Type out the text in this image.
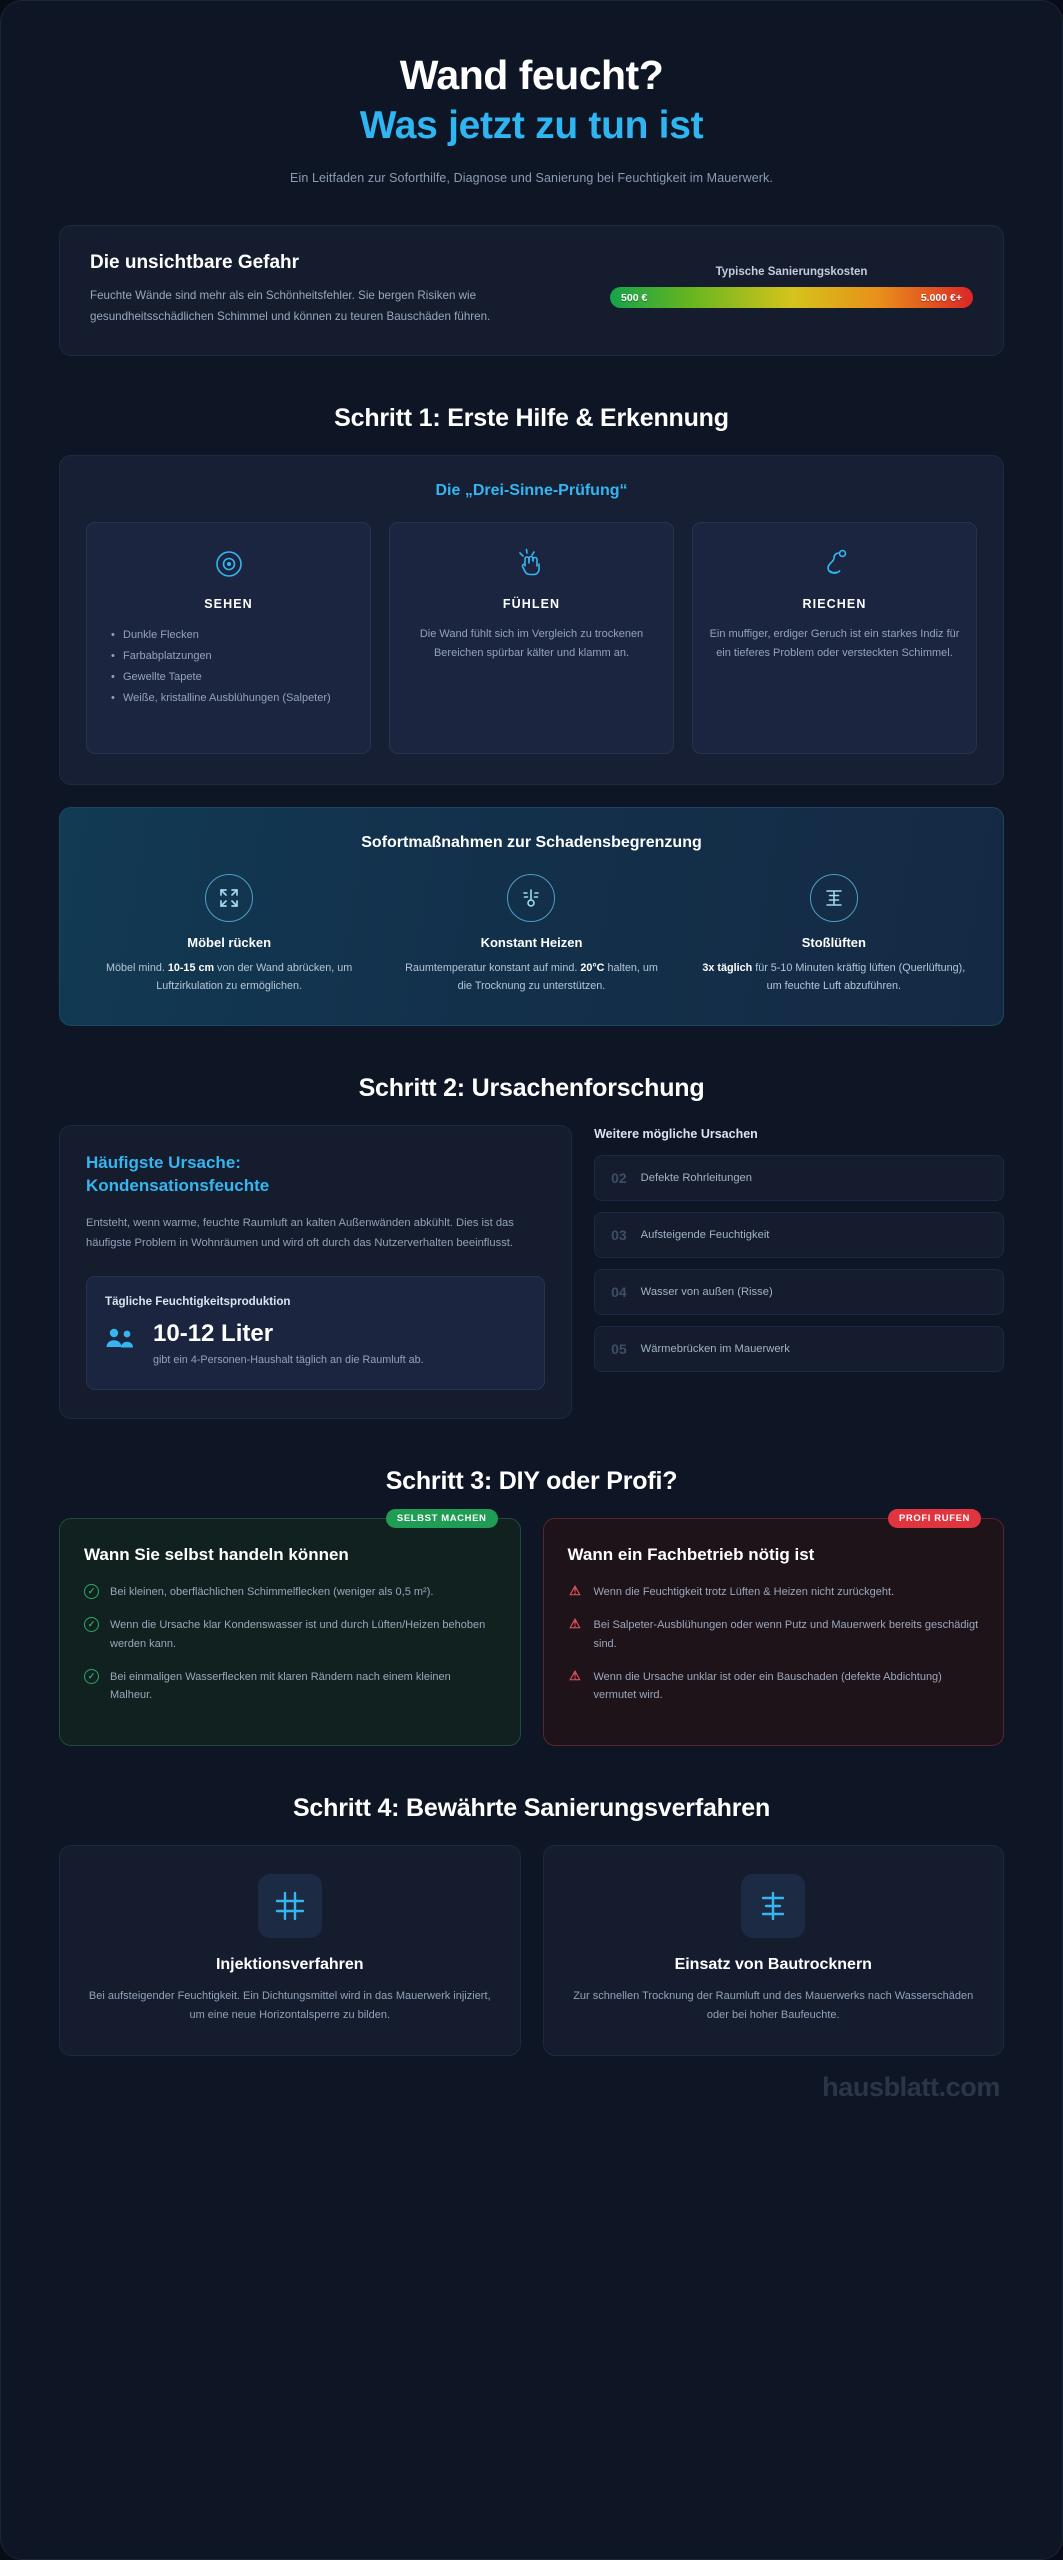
Wand feucht?
Was jetzt zu tun ist

Ein Leitfaden zur Soforthilfe, Diagnose und Sanierung bei Feuchtigkeit im Mauerwerk.

Die unsichtbare Gefahr

Feuchte Wände sind mehr als ein Schönheitsfehler. Sie bergen Risiken wie gesundheitsschädlichen Schimmel und können zu teuren Bauschäden führen.

Typische Sanierungskosten
500 €	5.000 €+
Schritt 1: Erste Hilfe & Erkennung
Die „Drei-Sinne-Prüfung“
SEHEN
• Dunkle Flecken
• Farbabplatzungen
• Gewellte Tapete
• Weiße, kristalline Ausblühungen (Salpeter)
FÜHLEN
Die Wand fühlt sich im Vergleich zu trockenen Bereichen spürbar kälter und klamm an.
RIECHEN
Ein muffiger, erdiger Geruch ist ein starkes Indiz für ein tieferes Problem oder versteckten Schimmel.
Sofortmaßnahmen zur Schadensbegrenzung
Möbel rücken
Möbel mind. 10-15 cm von der Wand abrücken, um Luftzirkulation zu ermöglichen.
Konstant Heizen
Raumtemperatur konstant auf mind. 20°C halten, um die Trocknung zu unterstützen.
Stoßlüften
3x täglich für 5-10 Minuten kräftig lüften (Querlüftung), um feuchte Luft abzuführen.
Schritt 2: Ursachenforschung
Häufigste Ursache:
Kondensationsfeuchte

Entsteht, wenn warme, feuchte Raumluft an kalten Außenwänden abkühlt. Dies ist das häufigste Problem in Wohnräumen und wird oft durch das Nutzerverhalten beeinflusst.

Tägliche Feuchtigkeitsproduktion
10-12 Liter
gibt ein 4-Personen-Haushalt täglich an die Raumluft ab.
Weitere mögliche Ursachen
02 Defekte Rohrleitungen
03 Aufsteigende Feuchtigkeit
04 Wasser von außen (Risse)
05 Wärmebrücken im Mauerwerk
Schritt 3: DIY oder Profi?
SELBST MACHEN
Wann Sie selbst handeln können
✓	Bei kleinen, oberflächlichen Schimmelflecken (weniger als 0,5 m²).
✓	Wenn die Ursache klar Kondenswasser ist und durch Lüften/Heizen behoben werden kann.
✓	Bei einmaligen Wasserflecken mit klaren Rändern nach einem kleinen Malheur.
PROFI RUFEN
Wann ein Fachbetrieb nötig ist
⚠ Wenn die Feuchtigkeit trotz Lüften & Heizen nicht zurückgeht.
⚠ Bei Salpeter-Ausblühungen oder wenn Putz und Mauerwerk bereits geschädigt sind.
⚠ Wenn die Ursache unklar ist oder ein Bauschaden (defekte Abdichtung) vermutet wird.
Schritt 4: Bewährte Sanierungsverfahren
Injektionsverfahren

Bei aufsteigender Feuchtigkeit. Ein Dichtungsmittel wird in das Mauerwerk injiziert, um eine neue Horizontalsperre zu bilden.

Einsatz von Bautrocknern

Zur schnellen Trocknung der Raumluft und des Mauerwerks nach Wasserschäden oder bei hoher Baufeuchte.

hausblatt.com
